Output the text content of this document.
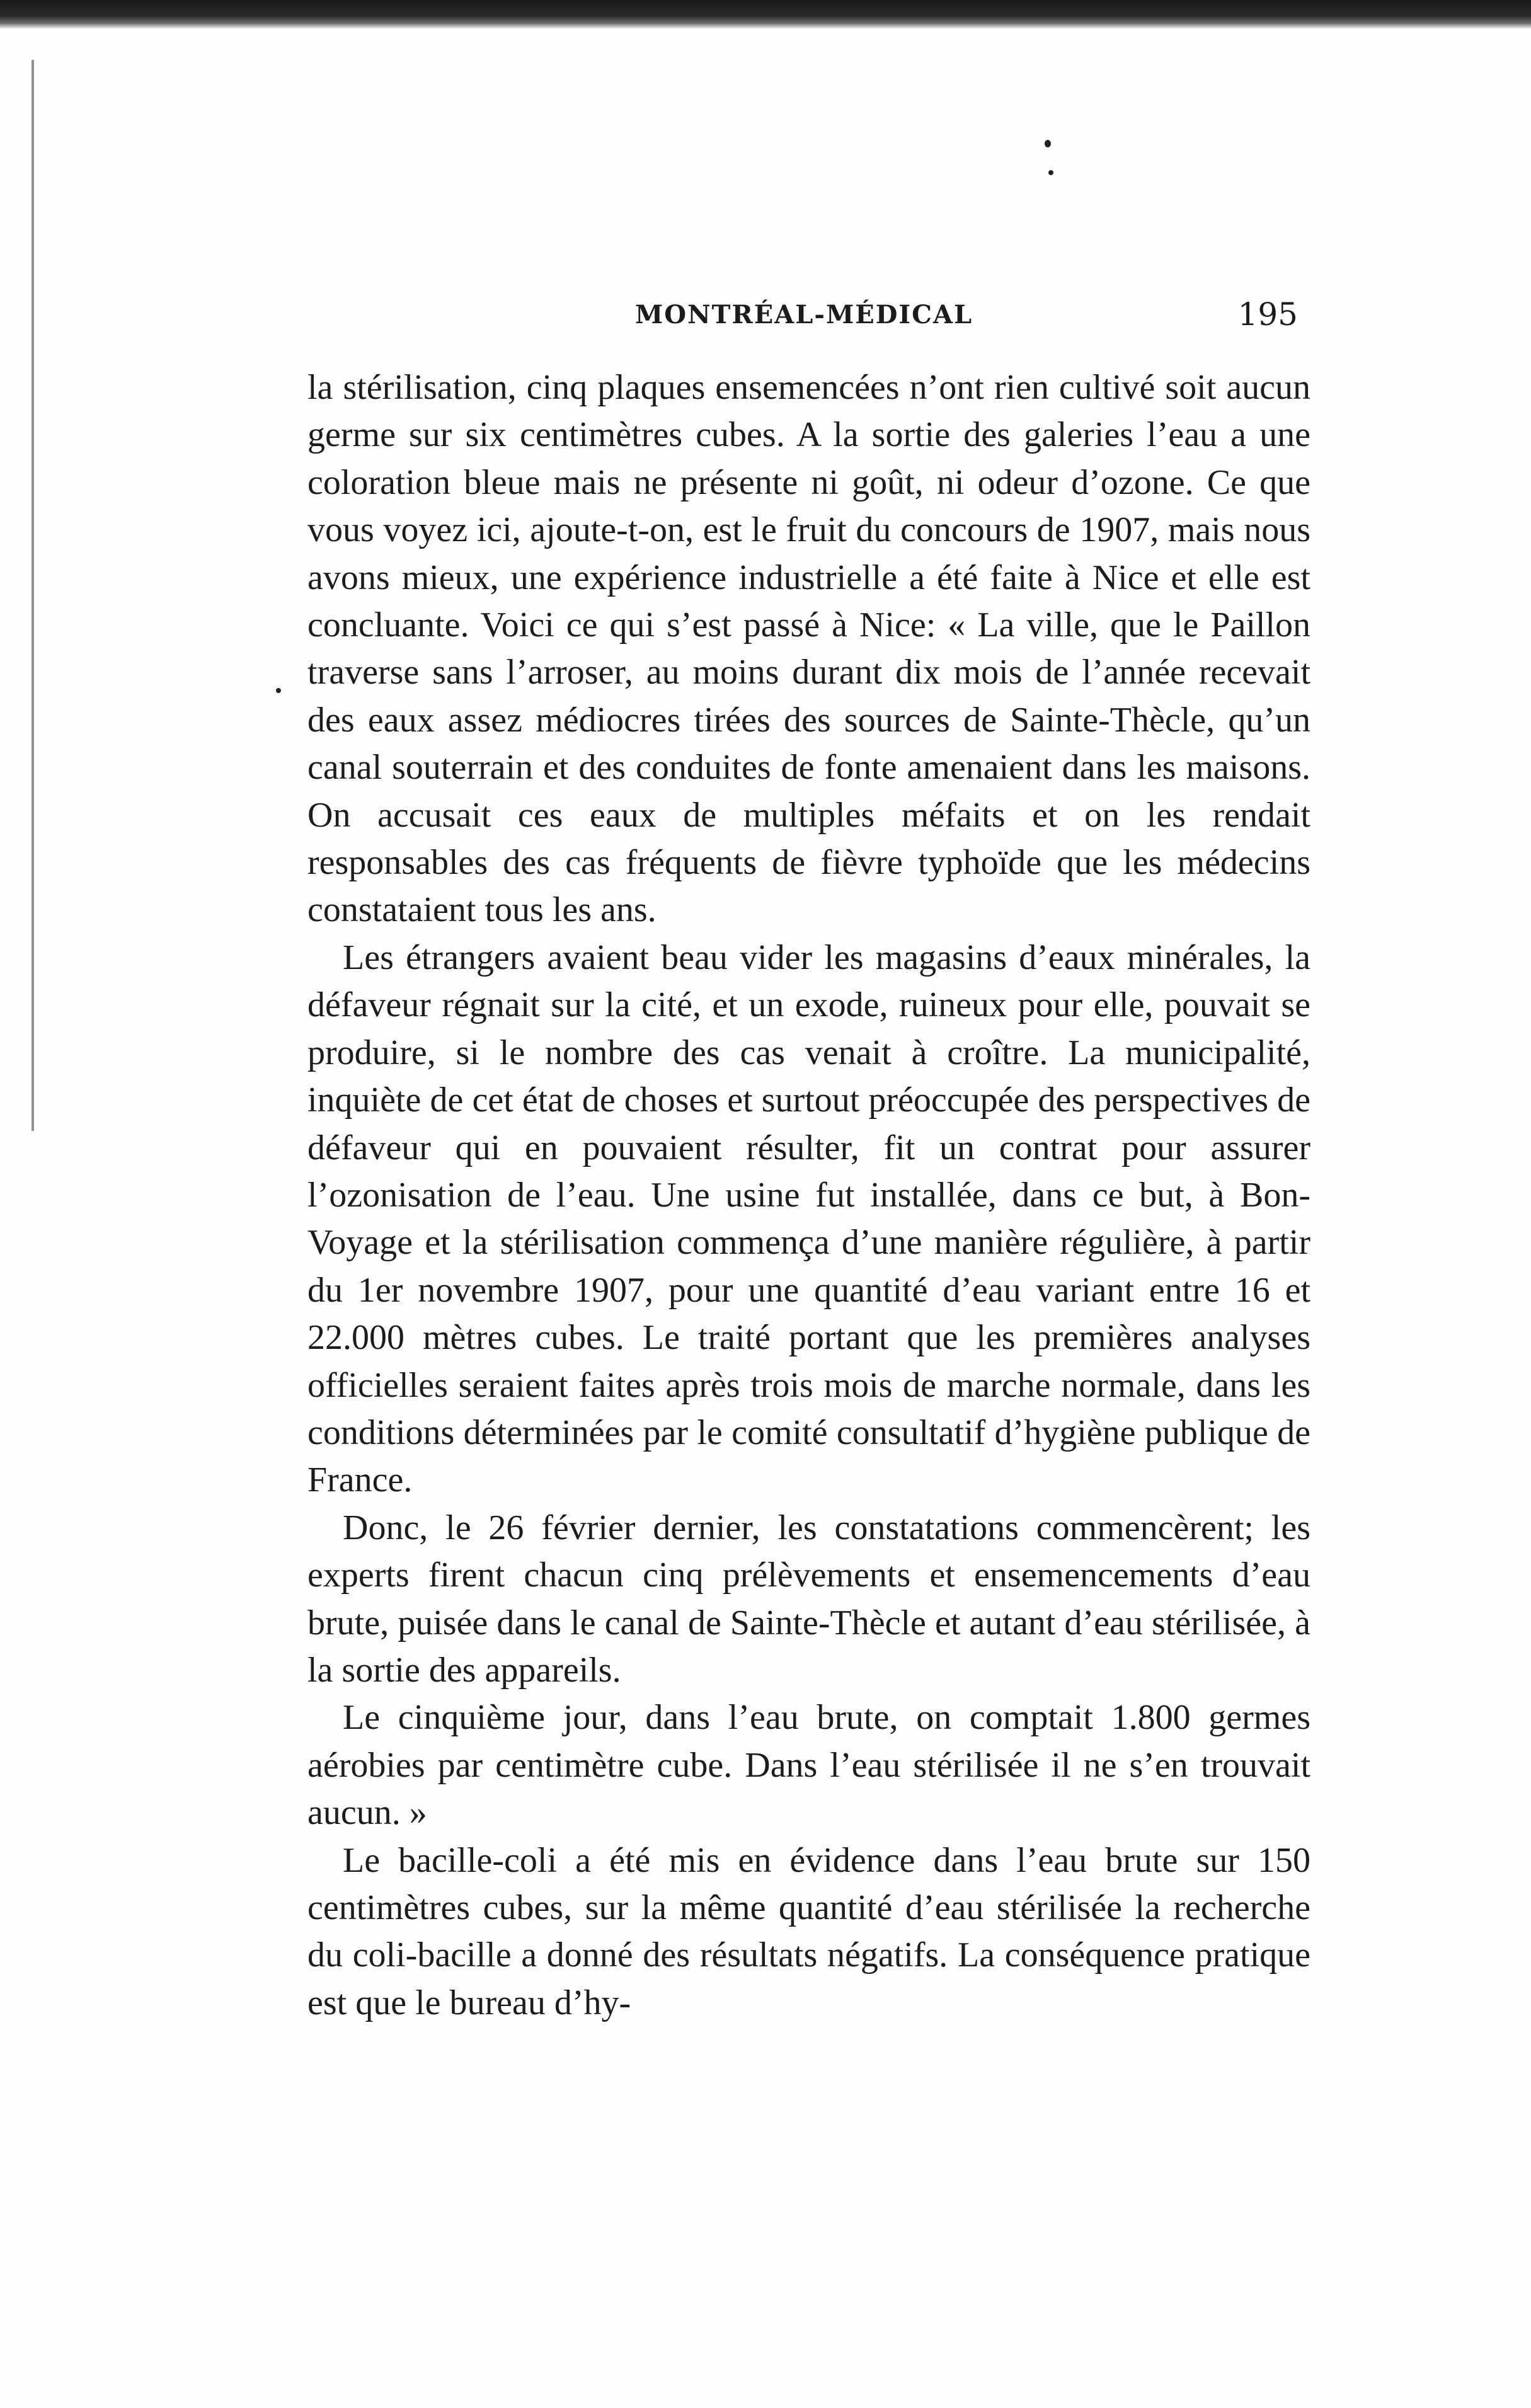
MONTRÉAL-MÉDICAL	195

la stérilisation, cinq plaques ensemencées n’ont rien cultivé soit aucun germe sur six centimètres cubes. A la sortie des galeries l’eau a une coloration bleue mais ne présente ni goût, ni odeur d’ozone. Ce que vous voyez ici, ajoute-t-on, est le fruit du concours de 1907, mais nous avons mieux, une expérience industrielle a été faite à Nice et elle est concluante. Voici ce qui s’est passé à Nice: « La ville, que le Paillon traverse sans l’arroser, au moins durant dix mois de l’année recevait des eaux assez médiocres tirées des sources de Sainte-Thècle, qu’un canal souterrain et des conduites de fonte amenaient dans les maisons. On accusait ces eaux de multiples méfaits et on les rendait responsables des cas fréquents de fièvre typhoïde que les médecins constataient tous les ans.

Les étrangers avaient beau vider les magasins d’eaux minérales, la défaveur régnait sur la cité, et un exode, ruineux pour elle, pouvait se produire, si le nombre des cas venait à croître. La municipalité, inquiète de cet état de choses et surtout préoccupée des perspectives de défaveur qui en pouvaient résulter, fit un contrat pour assurer l’ozonisation de l’eau. Une usine fut installée, dans ce but, à Bon-Voyage et la stérilisation commença d’une manière régulière, à partir du 1er novembre 1907, pour une quantité d’eau variant entre 16 et 22.000 mètres cubes. Le traité portant que les premières analyses officielles seraient faites après trois mois de marche normale, dans les conditions déterminées par le comité consultatif d’hygiène publique de France.

Donc, le 26 février dernier, les constatations commencèrent; les experts firent chacun cinq prélèvements et ensemencements d’eau brute, puisée dans le canal de Sainte-Thècle et autant d’eau stérilisée, à la sortie des appareils.

Le cinquième jour, dans l’eau brute, on comptait 1.800 germes aérobies par centimètre cube. Dans l’eau stérilisée il ne s’en trouvait aucun. »

Le bacille-coli a été mis en évidence dans l’eau brute sur 150 centimètres cubes, sur la même quantité d’eau stérilisée la recherche du coli-bacille a donné des résultats négatifs. La conséquence pratique est que le bureau d’hy-
